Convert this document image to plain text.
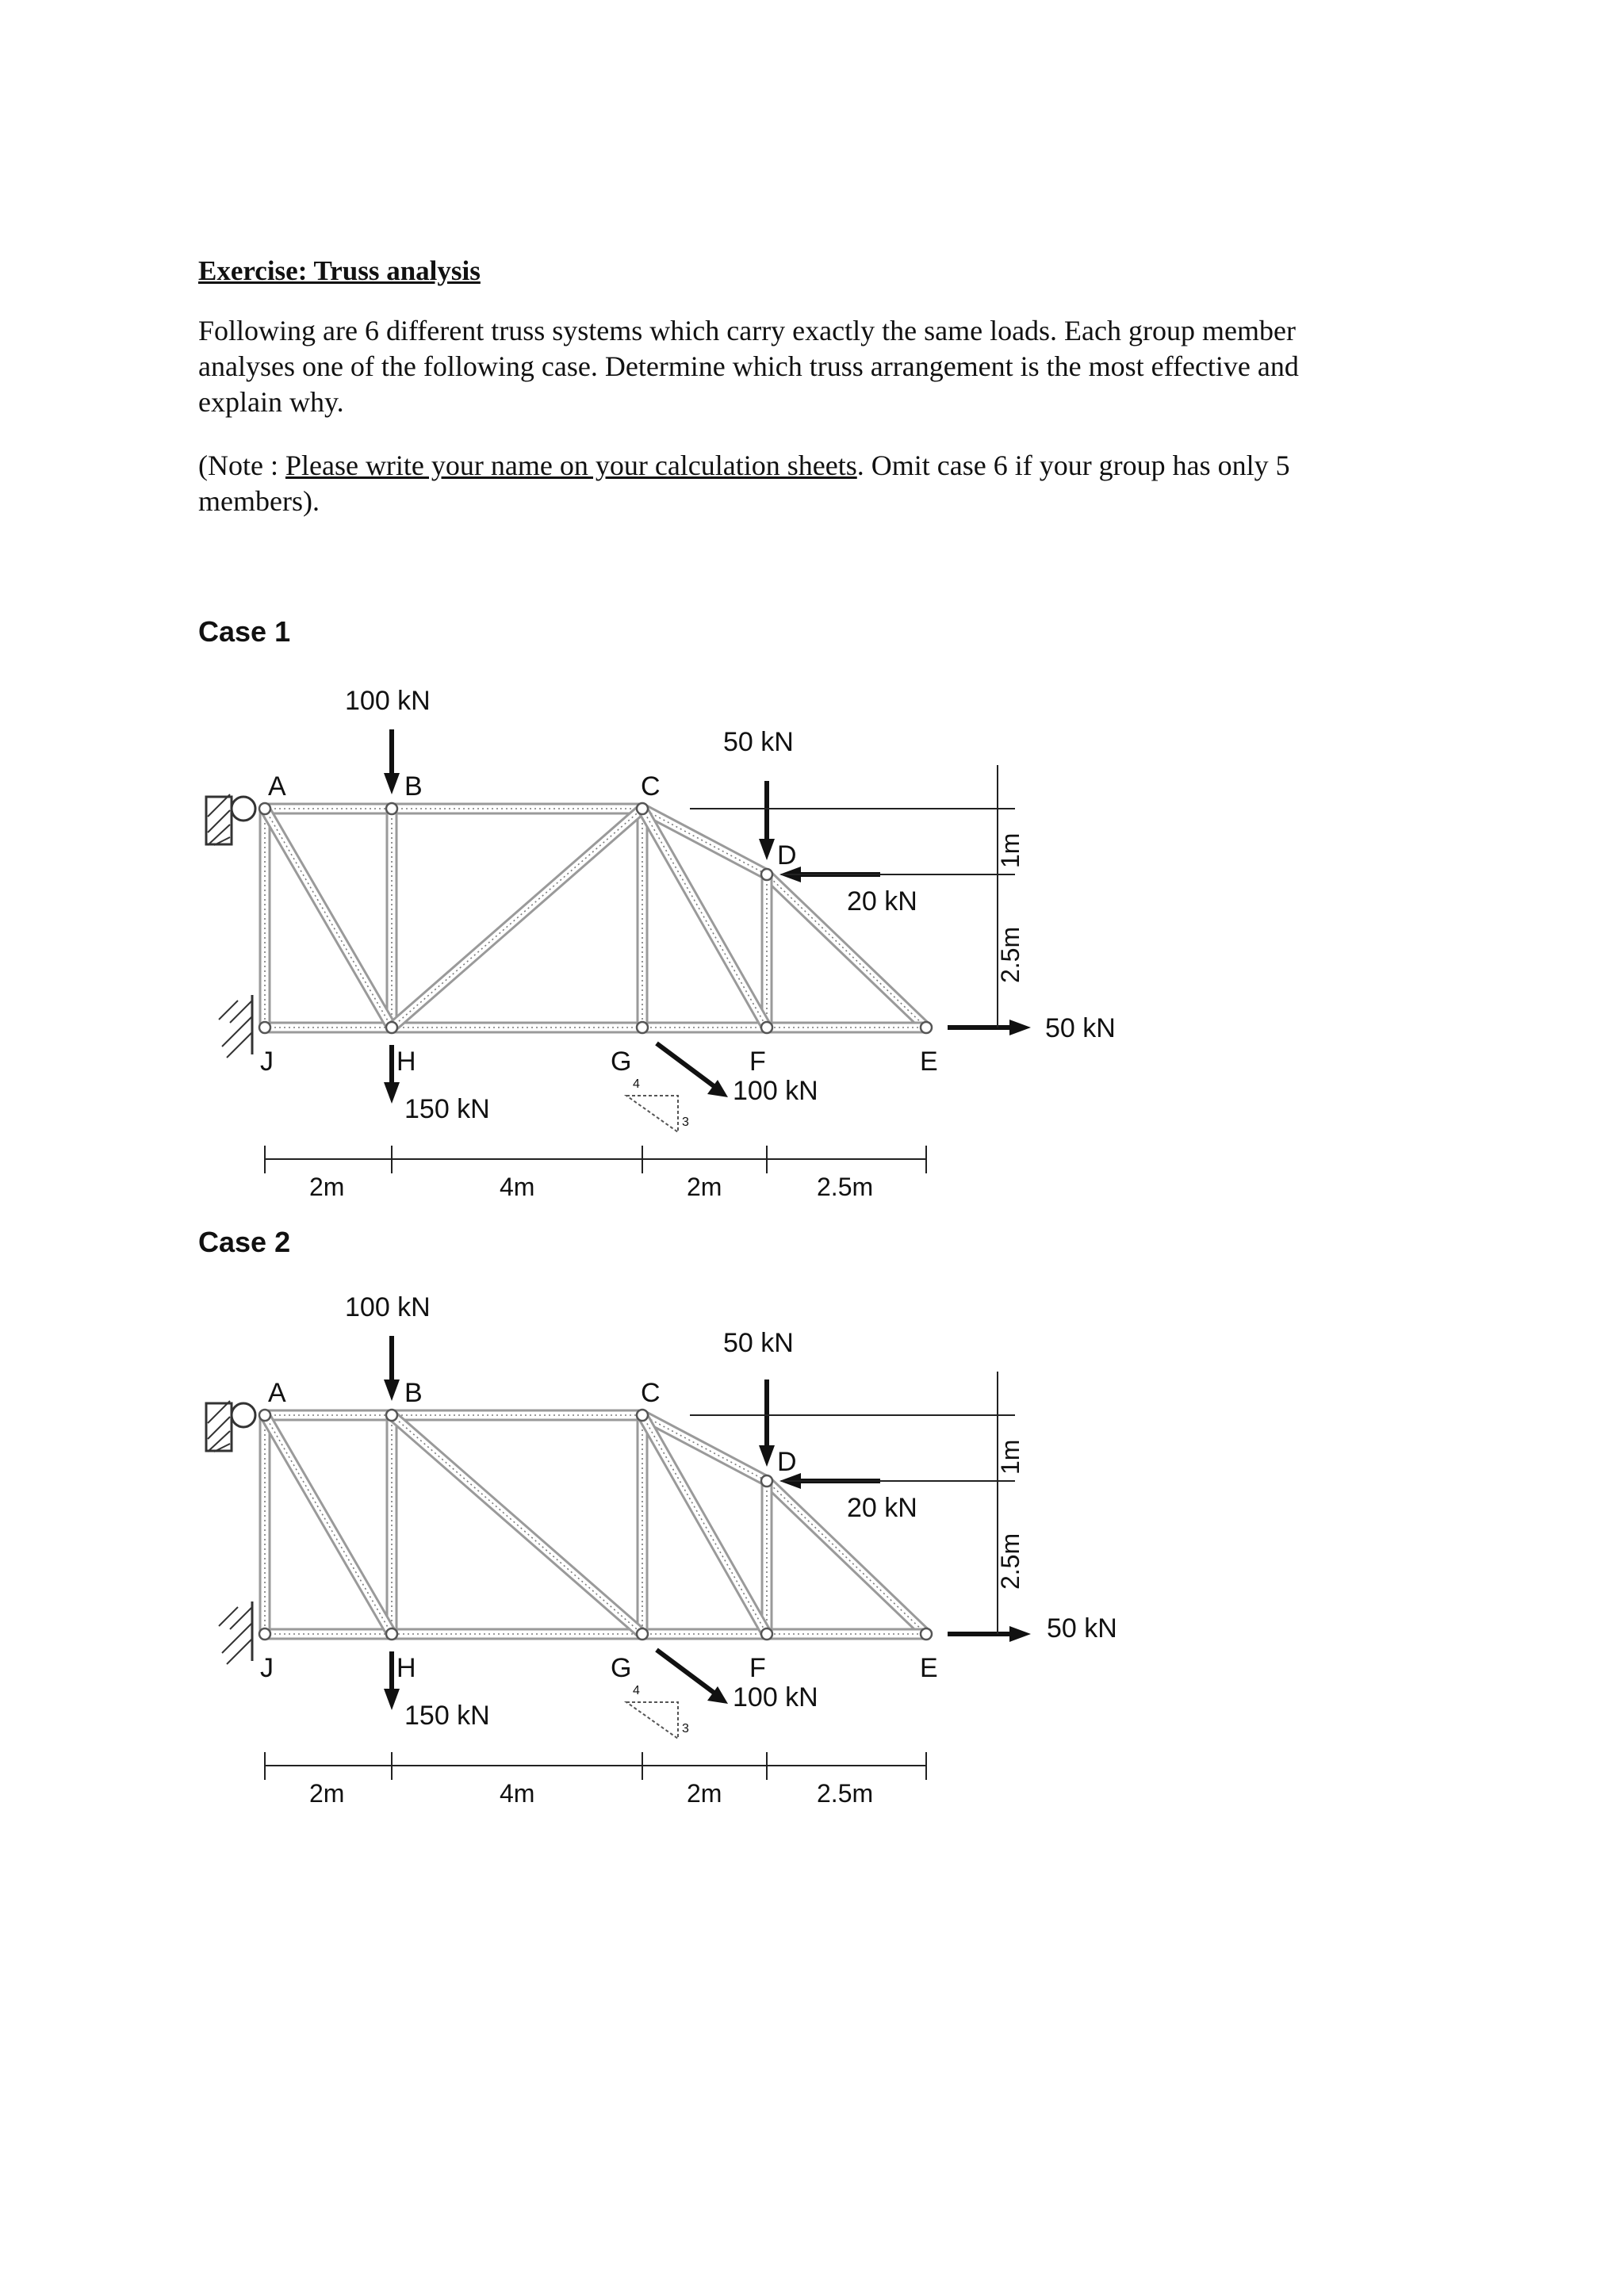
Exercise: Truss analysis

Following are 6 different truss systems which carry exactly the same loads. Each group member analyses one of the following case. Determine which truss arrangement is the most effective and explain why.

(Note : Please write your name on your calculation sheets. Omit case 6 if your group has only 5 members).

Case 1
Case 2
A	B	C
D
J	H	G	F	E
100 kN
50 kN
20 kN
150 kN
100 kN
4
3
50 kN
2m	4m	2m	2.5m
1m
2.5m
A	B	C
D
J	H	G	F	E
100 kN
50 kN
20 kN
150 kN
100 kN
4
3
50 kN
2m	4m	2m	2.5m
1m
2.5m
